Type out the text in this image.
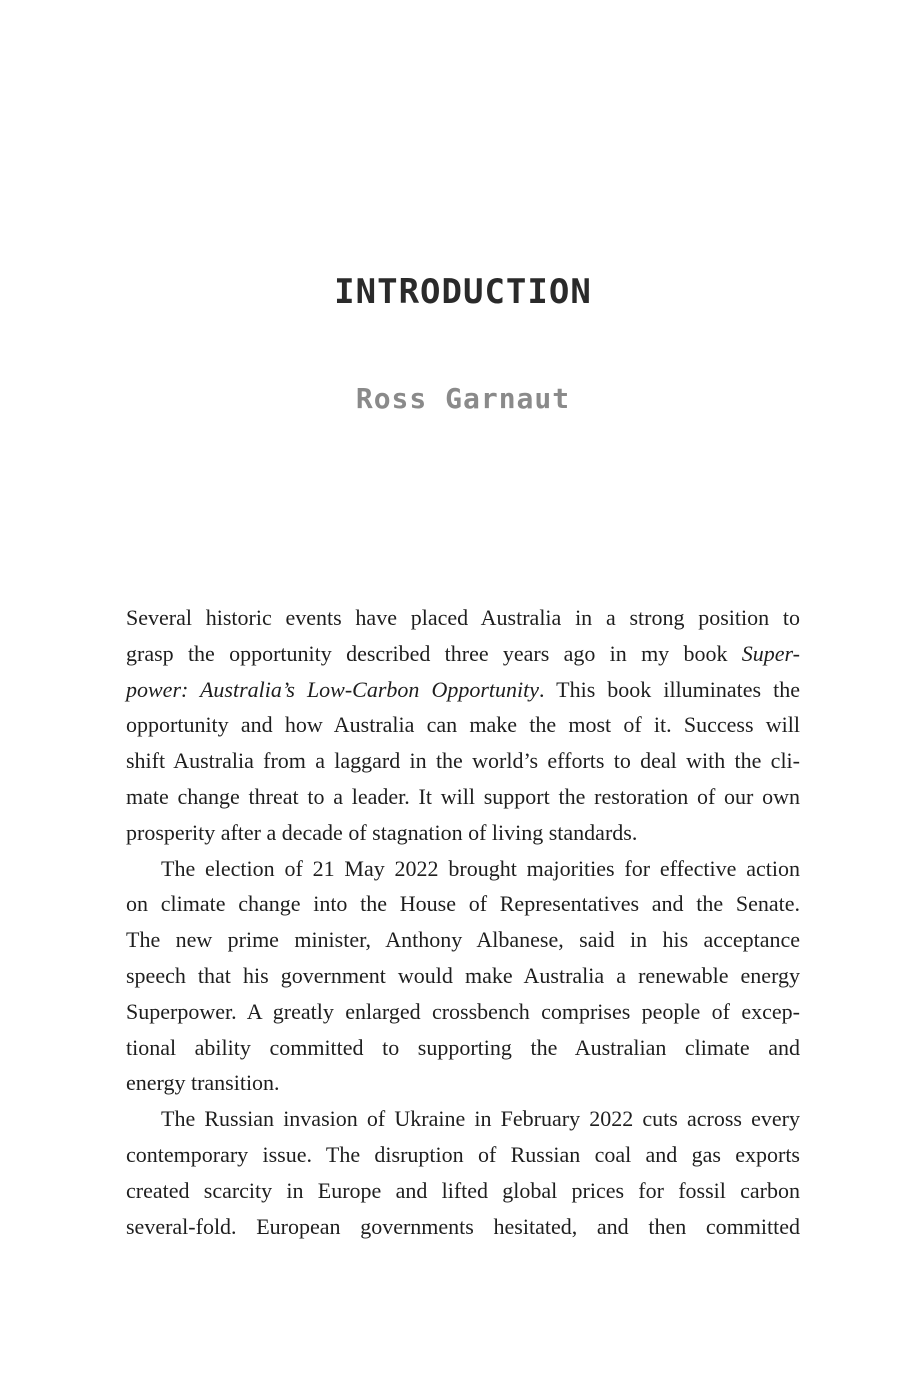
INTRODUCTION
Ross Garnaut
Several historic events have placed Australia in a strong position to
grasp the opportunity described three years ago in my book Super-
power: Australia’s Low-Carbon Opportunity. This book illuminates the
opportunity and how Australia can make the most of it. Success will
shift Australia from a laggard in the world’s efforts to deal with the cli-
mate change threat to a leader. It will support the restoration of our own
prosperity after a decade of stagnation of living standards.
The election of 21 May 2022 brought majorities for effective action
on climate change into the House of Representatives and the Senate.
The new prime minister, Anthony Albanese, said in his acceptance
speech that his government would make Australia a renewable energy
Superpower. A greatly enlarged crossbench comprises people of excep-
tional ability committed to supporting the Australian climate and
energy transition.
The Russian invasion of Ukraine in February 2022 cuts across every
contemporary issue. The disruption of Russian coal and gas exports
created scarcity in Europe and lifted global prices for fossil carbon
several-fold. European governments hesitated, and then committed
